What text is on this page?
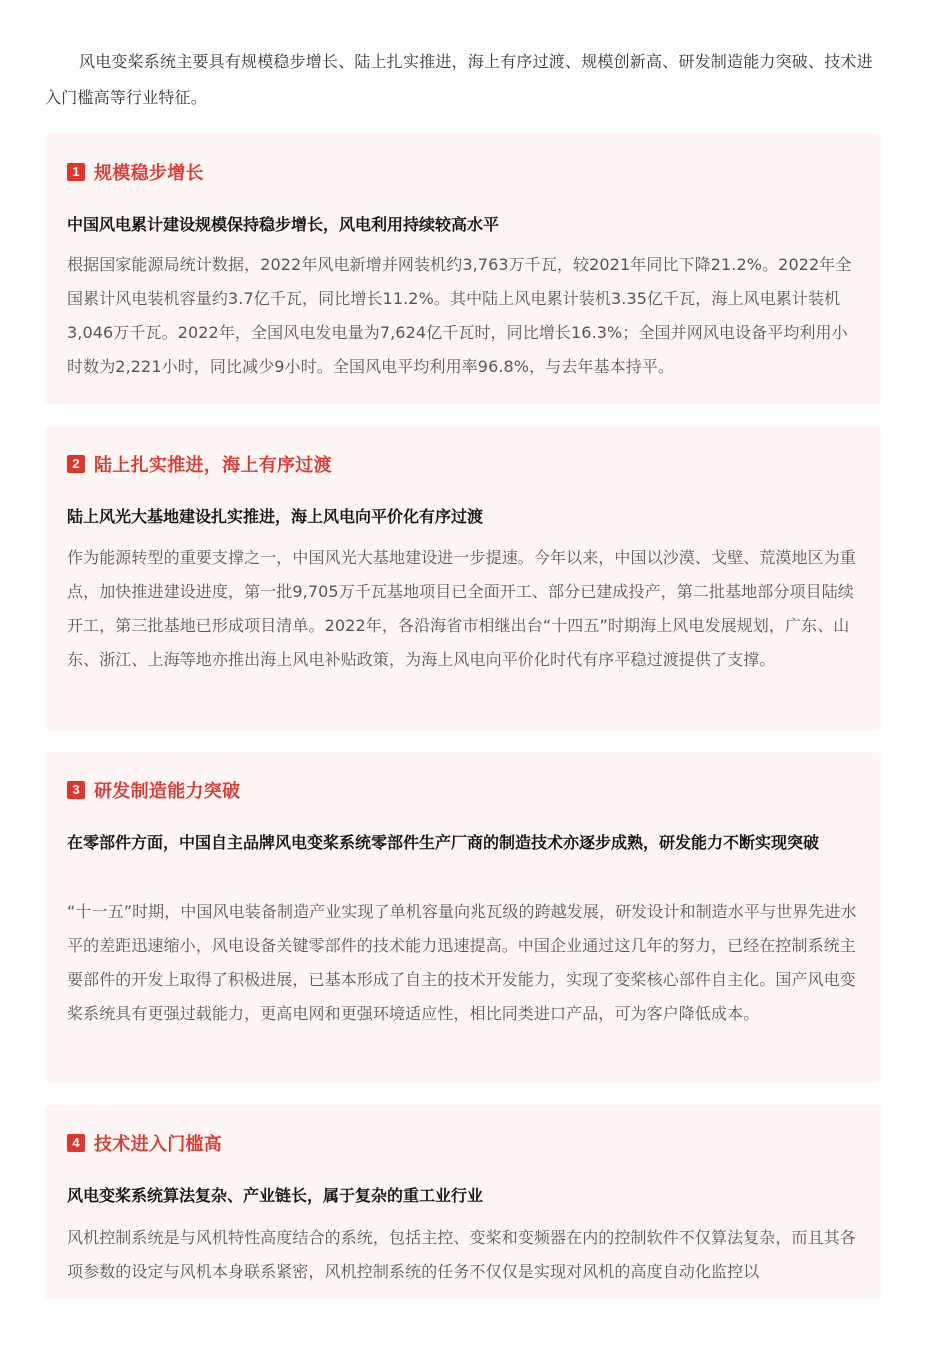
风电变桨系统主要具有规模稳步增长、陆上扎实推进，海上有序过渡、规模创新高、研发制造能力突破、技术进入门槛高等行业特征。

1 规模稳步增长

中国风电累计建设规模保持稳步增长，风电利用持续较高水平

根据国家能源局统计数据，2022年风电新增并网装机约3,763万千瓦，较2021年同比下降21.2%。2022年全国累计风电装机容量约3.7亿千瓦，同比增长11.2%。其中陆上风电累计装机3.35亿千瓦，海上风电累计装机3,046万千瓦。2022年，全国风电发电量为7,624亿千瓦时，同比增长16.3%；全国并网风电设备平均利用小时数为2,221小时，同比减少9小时。全国风电平均利用率96.8%，与去年基本持平。

2 陆上扎实推进，海上有序过渡

陆上风光大基地建设扎实推进，海上风电向平价化有序过渡

作为能源转型的重要支撑之一，中国风光大基地建设进一步提速。今年以来，中国以沙漠、戈壁、荒漠地区为重点，加快推进建设进度，第一批9,705万千瓦基地项目已全面开工、部分已建成投产，第二批基地部分项目陆续开工，第三批基地已形成项目清单。2022年，各沿海省市相继出台“十四五”时期海上风电发展规划，广东、山东、浙江、上海等地亦推出海上风电补贴政策，为海上风电向平价化时代有序平稳过渡提供了支撑。

3 研发制造能力突破

在零部件方面，中国自主品牌风电变桨系统零部件生产厂商的制造技术亦逐步成熟，研发能力不断实现突破

“十一五”时期，中国风电装备制造产业实现了单机容量向兆瓦级的跨越发展，研发设计和制造水平与世界先进水平的差距迅速缩小，风电设备关键零部件的技术能力迅速提高。中国企业通过这几年的努力，已经在控制系统主要部件的开发上取得了积极进展，已基本形成了自主的技术开发能力，实现了变桨核心部件自主化。国产风电变桨系统具有更强过载能力，更高电网和更强环境适应性，相比同类进口产品，可为客户降低成本。

4 技术进入门槛高

风电变桨系统算法复杂、产业链长，属于复杂的重工业行业

风机控制系统是与风机特性高度结合的系统，包括主控、变桨和变频器在内的控制软件不仅算法复杂，而且其各项参数的设定与风机本身联系紧密，风机控制系统的任务不仅仅是实现对风机的高度自动化监控以
